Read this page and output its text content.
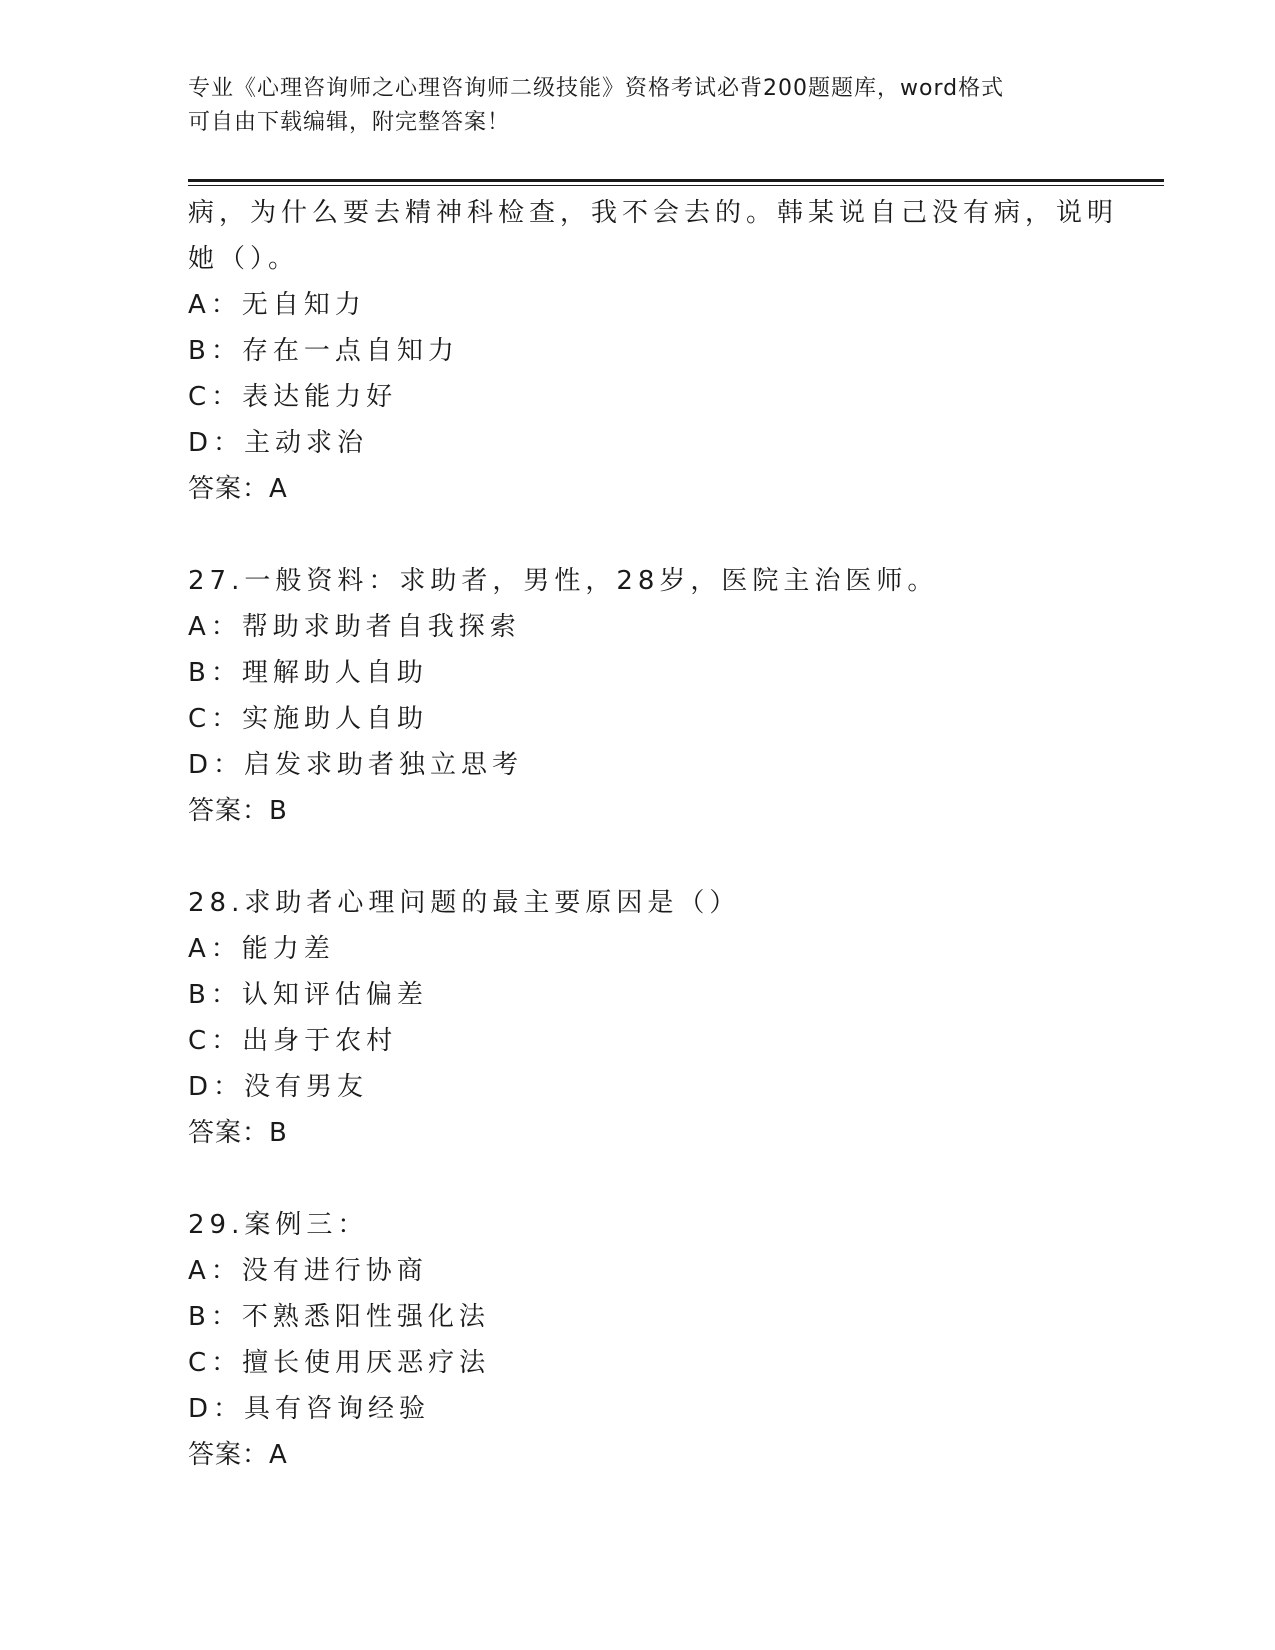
专业《心理咨询师之心理咨询师二级技能》资格考试必背200题题库，word格式
可自由下载编辑，附完整答案！
病，为什么要去精神科检查，我不会去的。韩某说自己没有病，说明
她（）。
A：无自知力
B：存在一点自知力
C：表达能力好
D：主动求治
答案：A
27.一般资料：求助者，男性，28岁，医院主治医师。
A：帮助求助者自我探索
B：理解助人自助
C：实施助人自助
D：启发求助者独立思考
答案：B
28.求助者心理问题的最主要原因是（）
A：能力差
B：认知评估偏差
C：出身于农村
D：没有男友
答案：B
29.案例三：
A：没有进行协商
B：不熟悉阳性强化法
C：擅长使用厌恶疗法
D：具有咨询经验
答案：A
